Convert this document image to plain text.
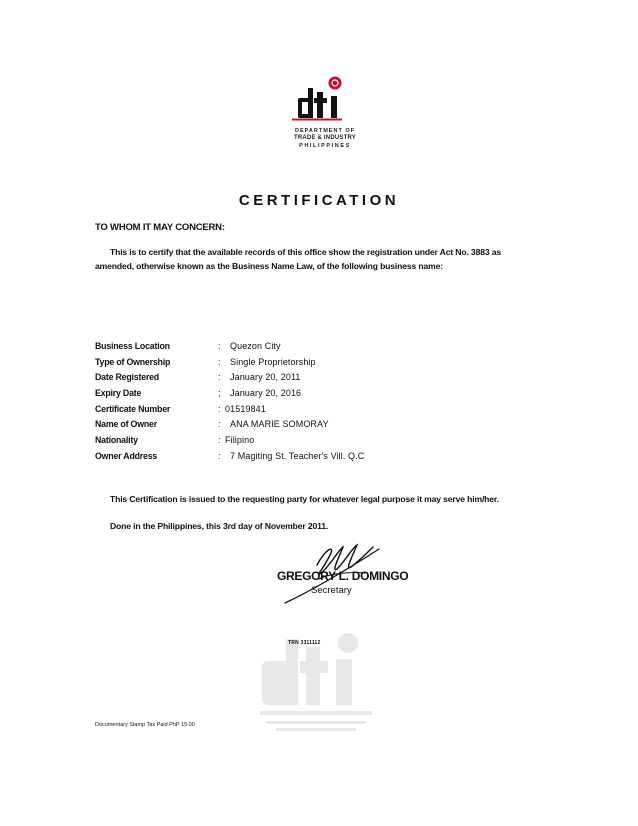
DEPARTMENT OF
TRADE & INDUSTRY
PHILIPPINES
CERTIFICATION
TO WHOM IT MAY CONCERN:
This is to certify that the available records of this office show the registration under Act No. 3883 as amended, otherwise known as the Business Name Law, of the following business name:
Business Location	: Quezon City
Type of Ownership	: Single Proprietorship
Date Registered	: January 20, 2011
Expiry Date	; January 20, 2016
Certificate Number	: 01519841
Name of Owner	: ANA MARIE SOMORAY
Nationality	: Filipino
Owner Address	: 7 Magiting St. Teacher's Vill. Q.C
This Certification is issued to the requesting party for whatever legal purpose it may serve him/her.
Done in the Philippines, this 3rd day of November 2011.
GREGORY L. DOMINGO
Secretary
TRN 3311112
Documentary Stamp Tax Paid PhP 15.00
